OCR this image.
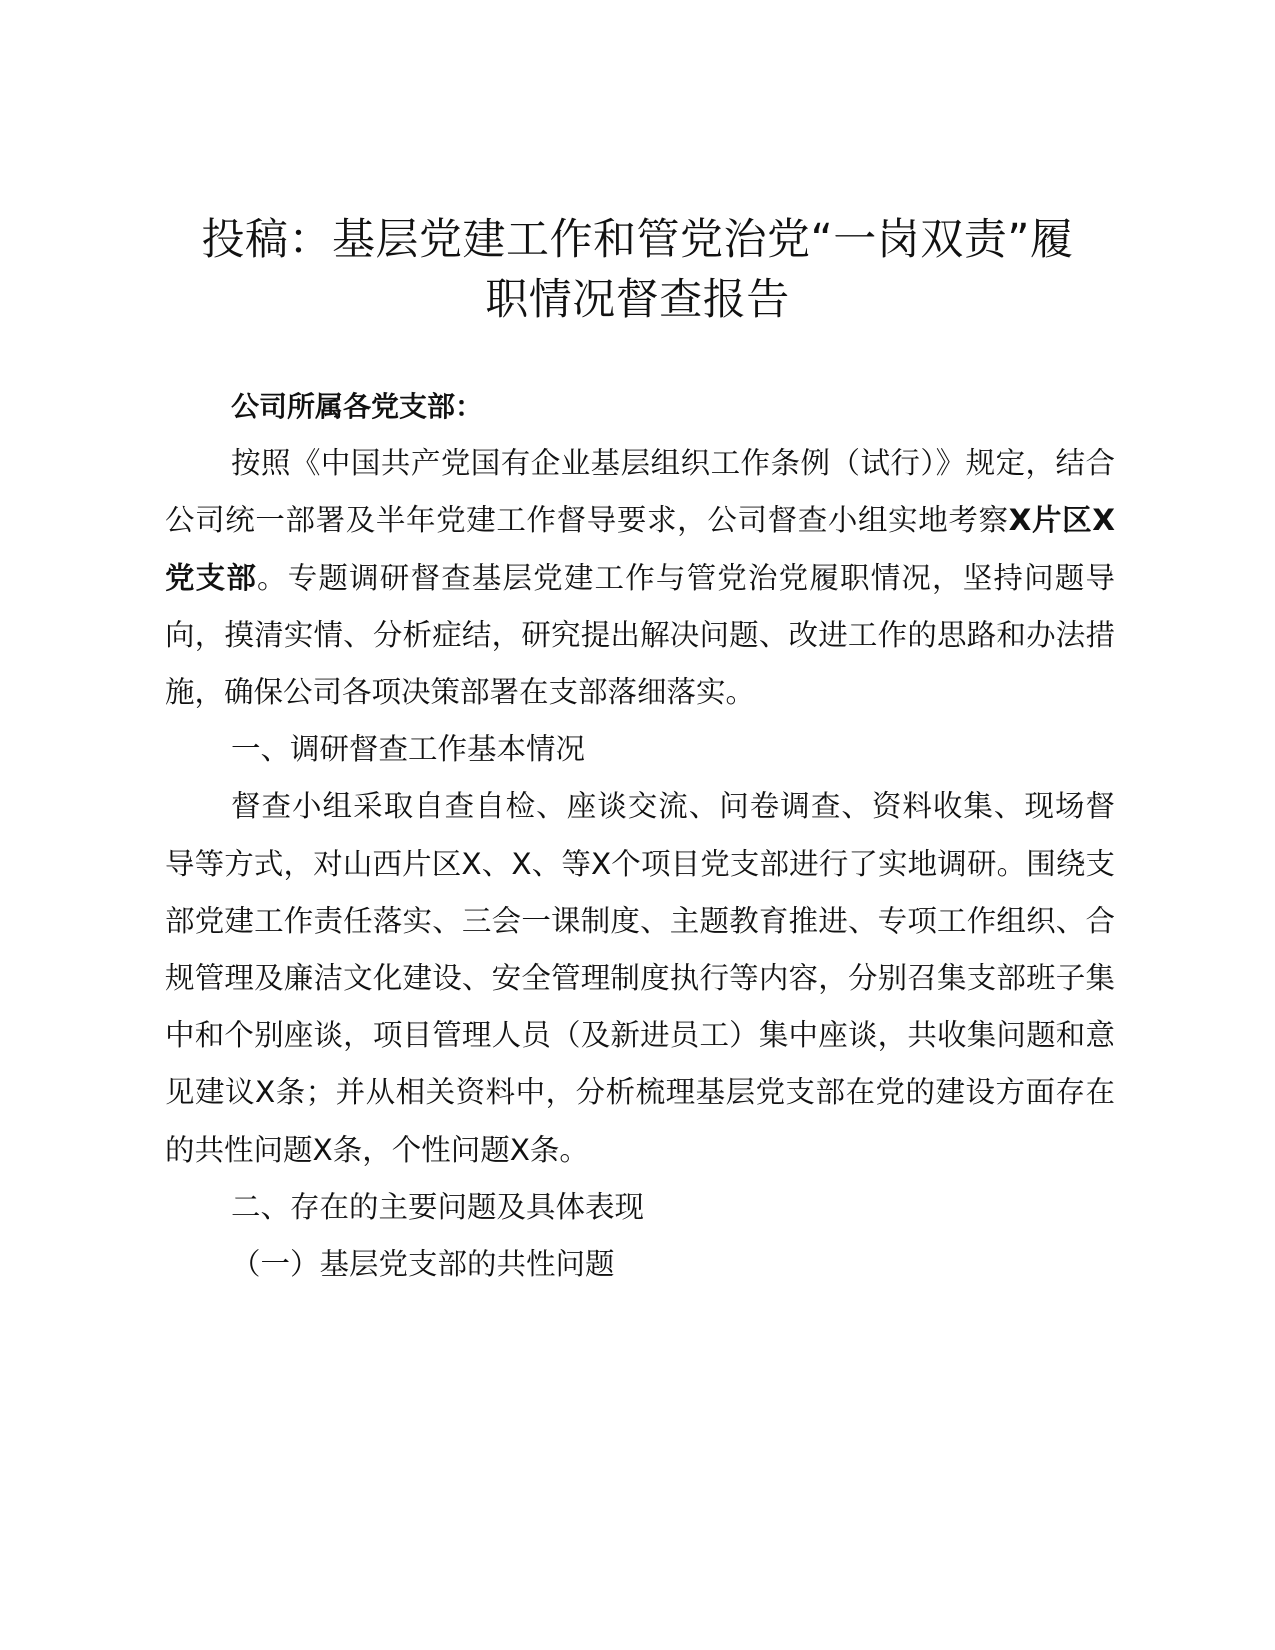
投稿：基层党建工作和管党治党“一岗双责”履
职情况督查报告

公司所属各党支部：

按照《中国共产党国有企业基层组织工作条例（试行）》规定，结合公司统一部署及半年党建工作督导要求，公司督查小组实地考察X片区X党支部。专题调研督查基层党建工作与管党治党履职情况，坚持问题导向，摸清实情、分析症结，研究提出解决问题、改进工作的思路和办法措施，确保公司各项决策部署在支部落细落实。

一、调研督查工作基本情况

督查小组采取自查自检、座谈交流、问卷调查、资料收集、现场督导等方式，对山西片区X、X、等X个项目党支部进行了实地调研。围绕支部党建工作责任落实、三会一课制度、主题教育推进、专项工作组织、合规管理及廉洁文化建设、安全管理制度执行等内容，分别召集支部班子集中和个别座谈，项目管理人员（及新进员工）集中座谈，共收集问题和意见建议X条；并从相关资料中，分析梳理基层党支部在党的建设方面存在的共性问题X条，个性问题X条。

二、存在的主要问题及具体表现

（一）基层党支部的共性问题
